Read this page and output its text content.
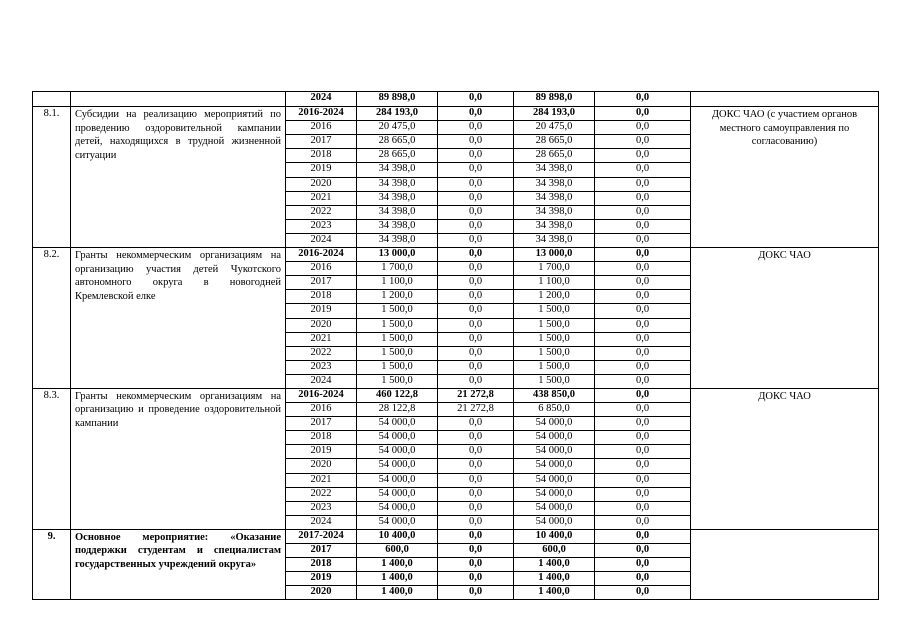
		2024	89 898,0	0,0	89 898,0	0,0	
8.1.	Субсидии на реализацию мероприятий по проведению оздоровительной кампании детей, находящихся в трудной жизненной ситуации	2016-2024	284 193,0	0,0	284 193,0	0,0	ДОКС ЧАО (с участием органов местного самоуправления по согласованию)
		2016	20 475,0	0,0	20 475,0	0,0	
		2017	28 665,0	0,0	28 665,0	0,0	
		2018	28 665,0	0,0	28 665,0	0,0	
		2019	34 398,0	0,0	34 398,0	0,0	
		2020	34 398,0	0,0	34 398,0	0,0	
		2021	34 398,0	0,0	34 398,0	0,0	
		2022	34 398,0	0,0	34 398,0	0,0	
		2023	34 398,0	0,0	34 398,0	0,0	
		2024	34 398,0	0,0	34 398,0	0,0	
8.2.	Гранты некоммерческим организациям на организацию участия детей Чукотского автономного округа в новогодней Кремлевской елке	2016-2024	13 000,0	0,0	13 000,0	0,0	ДОКС ЧАО
		2016	1 700,0	0,0	1 700,0	0,0	
		2017	1 100,0	0,0	1 100,0	0,0	
		2018	1 200,0	0,0	1 200,0	0,0	
		2019	1 500,0	0,0	1 500,0	0,0	
		2020	1 500,0	0,0	1 500,0	0,0	
		2021	1 500,0	0,0	1 500,0	0,0	
		2022	1 500,0	0,0	1 500,0	0,0	
		2023	1 500,0	0,0	1 500,0	0,0	
		2024	1 500,0	0,0	1 500,0	0,0	
8.3.	Гранты некоммерческим организациям на организацию и проведение оздоровительной кампании	2016-2024	460 122,8	21 272,8	438 850,0	0,0	ДОКС ЧАО
		2016	28 122,8	21 272,8	6 850,0	0,0	
		2017	54 000,0	0,0	54 000,0	0,0	
		2018	54 000,0	0,0	54 000,0	0,0	
		2019	54 000,0	0,0	54 000,0	0,0	
		2020	54 000,0	0,0	54 000,0	0,0	
		2021	54 000,0	0,0	54 000,0	0,0	
		2022	54 000,0	0,0	54 000,0	0,0	
		2023	54 000,0	0,0	54 000,0	0,0	
		2024	54 000,0	0,0	54 000,0	0,0	
9.	Основное мероприятие: «Оказание поддержки студентам и специалистам государственных учреждений округа»	2017-2024	10 400,0	0,0	10 400,0	0,0	
		2017	600,0	0,0	600,0	0,0	
		2018	1 400,0	0,0	1 400,0	0,0	
		2019	1 400,0	0,0	1 400,0	0,0	
		2020	1 400,0	0,0	1 400,0	0,0	
